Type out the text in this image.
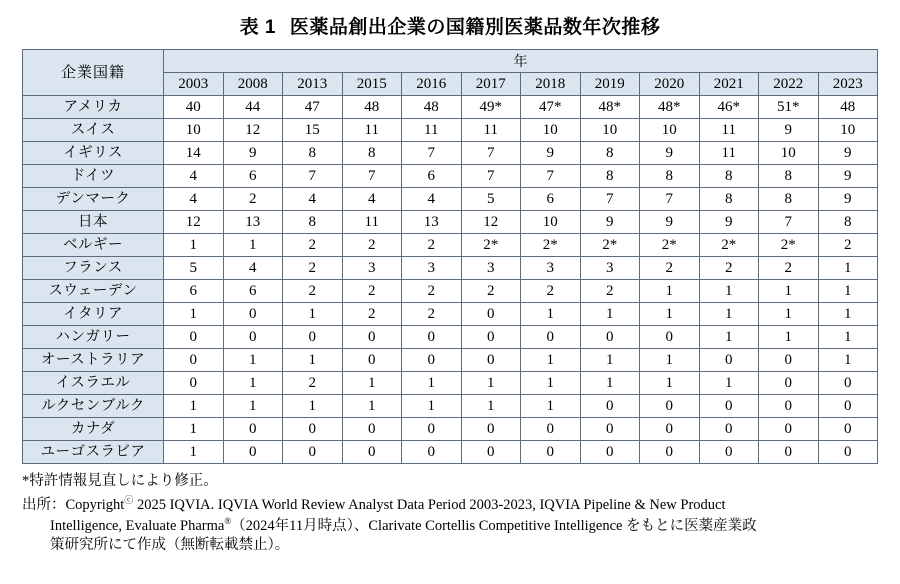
表 1 医薬品創出企業の国籍別医薬品数年次推移
企業国籍	年											
	2003	2008	2013	2015	2016	2017	2018	2019	2020	2021	2022	2023
アメリカ	40	44	47	48	48	49*	47*	48*	48*	46*	51*	48
スイス	10	12	15	11	11	11	10	10	10	11	9	10
イギリス	14	9	8	8	7	7	9	8	9	11	10	9
ドイツ	4	6	7	7	6	7	7	8	8	8	8	9
デンマーク	4	2	4	4	4	5	6	7	7	8	8	9
日本	12	13	8	11	13	12	10	9	9	9	7	8
ベルギー	1	1	2	2	2	2*	2*	2*	2*	2*	2*	2
フランス	5	4	2	3	3	3	3	3	2	2	2	1
スウェーデン	6	6	2	2	2	2	2	2	1	1	1	1
イタリア	1	0	1	2	2	0	1	1	1	1	1	1
ハンガリー	0	0	0	0	0	0	0	0	0	1	1	1
オーストラリア	0	1	1	0	0	0	1	1	1	0	0	1
イスラエル	0	1	2	1	1	1	1	1	1	1	0	0
ルクセンブルク	1	1	1	1	1	1	1	0	0	0	0	0
カナダ	1	0	0	0	0	0	0	0	0	0	0	0
ユーゴスラビア	1	0	0	0	0	0	0	0	0	0	0	0
*特許情報見直しにより修正。
出所：Copyrightⓒ 2025 IQVIA. IQVIA World Review Analyst Data Period 2003-2023, IQVIA Pipeline & New Product
Intelligence, Evaluate Pharma®（2024年11月時点）、Clarivate Cortellis Competitive Intelligence をもとに医薬産業政
策研究所にて作成（無断転載禁止）。
